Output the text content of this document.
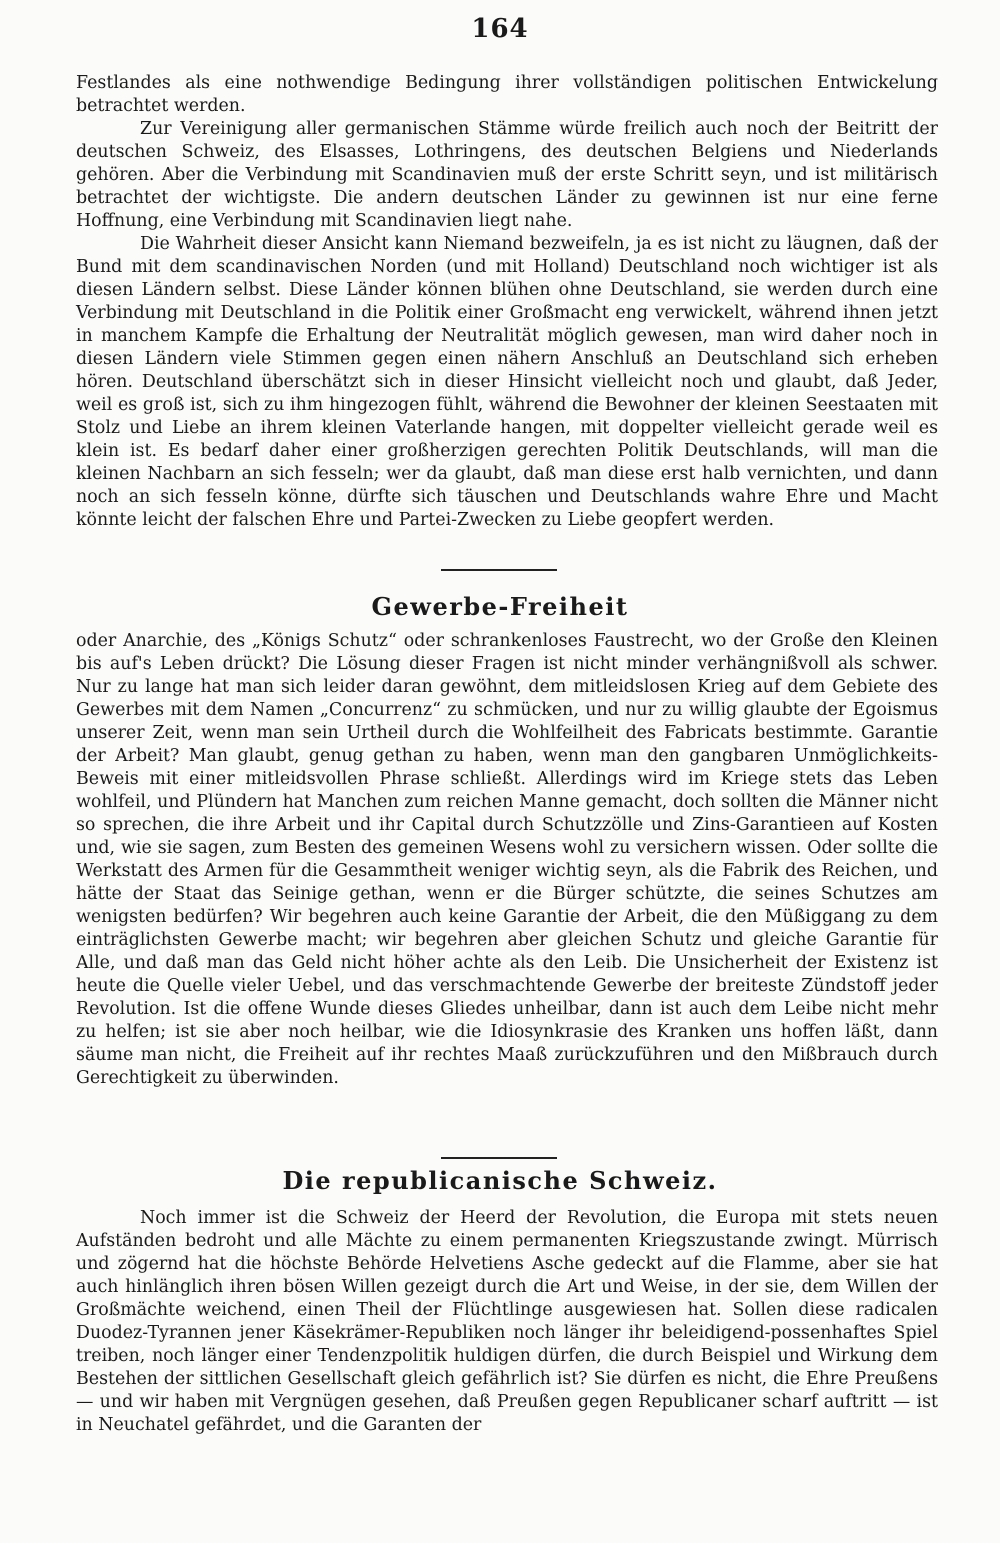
164

Festlandes als eine nothwendige Bedingung ihrer vollständigen politischen Entwickelung betrachtet werden.

Zur Vereinigung aller germanischen Stämme würde freilich auch noch der Beitritt der deutschen Schweiz, des Elsasses, Lothringens, des deutschen Belgiens und Niederlands gehören. Aber die Verbindung mit Scandinavien muß der erste Schritt seyn, und ist militärisch betrachtet der wichtigste. Die andern deutschen Länder zu gewinnen ist nur eine ferne Hoffnung, eine Verbindung mit Scandinavien liegt nahe.

Die Wahrheit dieser Ansicht kann Niemand bezweifeln, ja es ist nicht zu läugnen, daß der Bund mit dem scandinavischen Norden (und mit Holland) Deutschland noch wichtiger ist als diesen Ländern selbst. Diese Länder können blühen ohne Deutschland, sie werden durch eine Verbindung mit Deutschland in die Politik einer Großmacht eng verwickelt, während ihnen jetzt in manchem Kampfe die Erhaltung der Neutralität möglich gewesen, man wird daher noch in diesen Ländern viele Stimmen gegen einen nähern Anschluß an Deutschland sich erheben hören. Deutschland überschätzt sich in dieser Hinsicht vielleicht noch und glaubt, daß Jeder, weil es groß ist, sich zu ihm hingezogen fühlt, während die Bewohner der kleinen Seestaaten mit Stolz und Liebe an ihrem kleinen Vaterlande hangen, mit doppelter vielleicht gerade weil es klein ist. Es bedarf daher einer großherzigen gerechten Politik Deutschlands, will man die kleinen Nachbarn an sich fesseln; wer da glaubt, daß man diese erst halb vernichten, und dann noch an sich fesseln könne, dürfte sich täuschen und Deutschlands wahre Ehre und Macht könnte leicht der falschen Ehre und Partei-Zwecken zu Liebe geopfert werden.

Gewerbe-Freiheit

oder Anarchie, des „Königs Schutz“ oder schrankenloses Faustrecht, wo der Große den Kleinen bis auf's Leben drückt? Die Lösung dieser Fragen ist nicht minder verhängnißvoll als schwer. Nur zu lange hat man sich leider daran gewöhnt, dem mitleidslosen Krieg auf dem Gebiete des Gewerbes mit dem Namen „Concurrenz“ zu schmücken, und nur zu willig glaubte der Egoismus unserer Zeit, wenn man sein Urtheil durch die Wohlfeilheit des Fabricats bestimmte. Garantie der Arbeit? Man glaubt, genug gethan zu haben, wenn man den gangbaren Unmöglichkeits-Beweis mit einer mitleidsvollen Phrase schließt. Allerdings wird im Kriege stets das Leben wohlfeil, und Plündern hat Manchen zum reichen Manne gemacht, doch sollten die Männer nicht so sprechen, die ihre Arbeit und ihr Capital durch Schutzzölle und Zins-Garantieen auf Kosten und, wie sie sagen, zum Besten des gemeinen Wesens wohl zu versichern wissen. Oder sollte die Werkstatt des Armen für die Gesammtheit weniger wichtig seyn, als die Fabrik des Reichen, und hätte der Staat das Seinige gethan, wenn er die Bürger schützte, die seines Schutzes am wenigsten bedürfen? Wir begehren auch keine Garantie der Arbeit, die den Müßiggang zu dem einträglichsten Gewerbe macht; wir begehren aber gleichen Schutz und gleiche Garantie für Alle, und daß man das Geld nicht höher achte als den Leib. Die Unsicherheit der Existenz ist heute die Quelle vieler Uebel, und das verschmachtende Gewerbe der breiteste Zündstoff jeder Revolution. Ist die offene Wunde dieses Gliedes unheilbar, dann ist auch dem Leibe nicht mehr zu helfen; ist sie aber noch heilbar, wie die Idiosynkrasie des Kranken uns hoffen läßt, dann säume man nicht, die Freiheit auf ihr rechtes Maaß zurückzuführen und den Mißbrauch durch Gerechtigkeit zu überwinden.

Die republicanische Schweiz.

Noch immer ist die Schweiz der Heerd der Revolution, die Europa mit stets neuen Aufständen bedroht und alle Mächte zu einem permanenten Kriegszustande zwingt. Mürrisch und zögernd hat die höchste Behörde Helvetiens Asche gedeckt auf die Flamme, aber sie hat auch hinlänglich ihren bösen Willen gezeigt durch die Art und Weise, in der sie, dem Willen der Großmächte weichend, einen Theil der Flüchtlinge ausgewiesen hat. Sollen diese radicalen Duodez-Tyrannen jener Käsekrämer-Republiken noch länger ihr beleidigend-possenhaftes Spiel treiben, noch länger einer Tendenzpolitik huldigen dürfen, die durch Beispiel und Wirkung dem Bestehen der sittlichen Gesellschaft gleich gefährlich ist? Sie dürfen es nicht, die Ehre Preußens — und wir haben mit Vergnügen gesehen, daß Preußen gegen Republicaner scharf auftritt — ist in Neuchatel gefährdet, und die Garanten der
